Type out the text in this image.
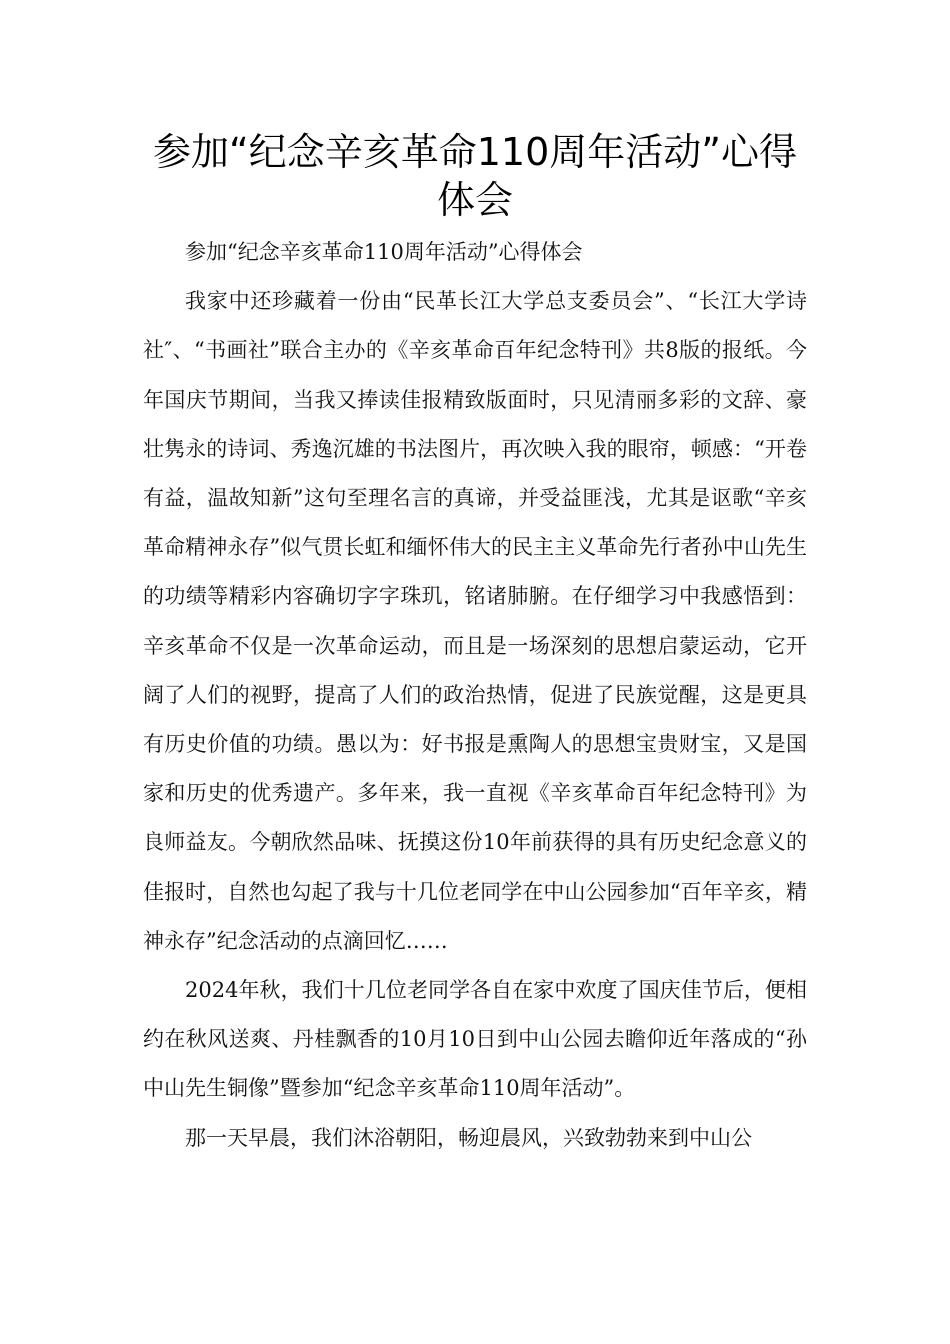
参加“纪念辛亥革命110周年活动”心得体会

参加“纪念辛亥革命110周年活动”心得体会

我家中还珍藏着一份由“民革长江大学总支委员会”、“长江大学诗社″、“书画社”联合主办的《辛亥革命百年纪念特刊》共8版的报纸。今年国庆节期间，当我又捧读佳报精致版面时，只见清丽多彩的文辞、豪壮隽永的诗词、秀逸沉雄的书法图片，再次映入我的眼帘，顿感：“开卷有益，温故知新”这句至理名言的真谛，并受益匪浅，尤其是讴歌“辛亥革命精神永存”似气贯长虹和缅怀伟大的民主主义革命先行者孙中山先生的功绩等精彩内容确切字字珠玑，铭诸肺腑。在仔细学习中我感悟到：辛亥革命不仅是一次革命运动，而且是一场深刻的思想启蒙运动，它开阔了人们的视野，提高了人们的政治热情，促进了民族觉醒，这是更具有历史价值的功绩。愚以为：好书报是熏陶人的思想宝贵财宝，又是国家和历史的优秀遗产。多年来，我一直视《辛亥革命百年纪念特刊》为良师益友。今朝欣然品味、抚摸这份10年前获得的具有历史纪念意义的佳报时，自然也勾起了我与十几位老同学在中山公园参加“百年辛亥，精神永存”纪念活动的点滴回忆……

2024年秋，我们十几位老同学各自在家中欢度了国庆佳节后，便相约在秋风送爽、丹桂飘香的10月10日到中山公园去瞻仰近年落成的“孙中山先生铜像”暨参加“纪念辛亥革命110周年活动”。

那一天早晨，我们沐浴朝阳，畅迎晨风，兴致勃勃来到中山公
